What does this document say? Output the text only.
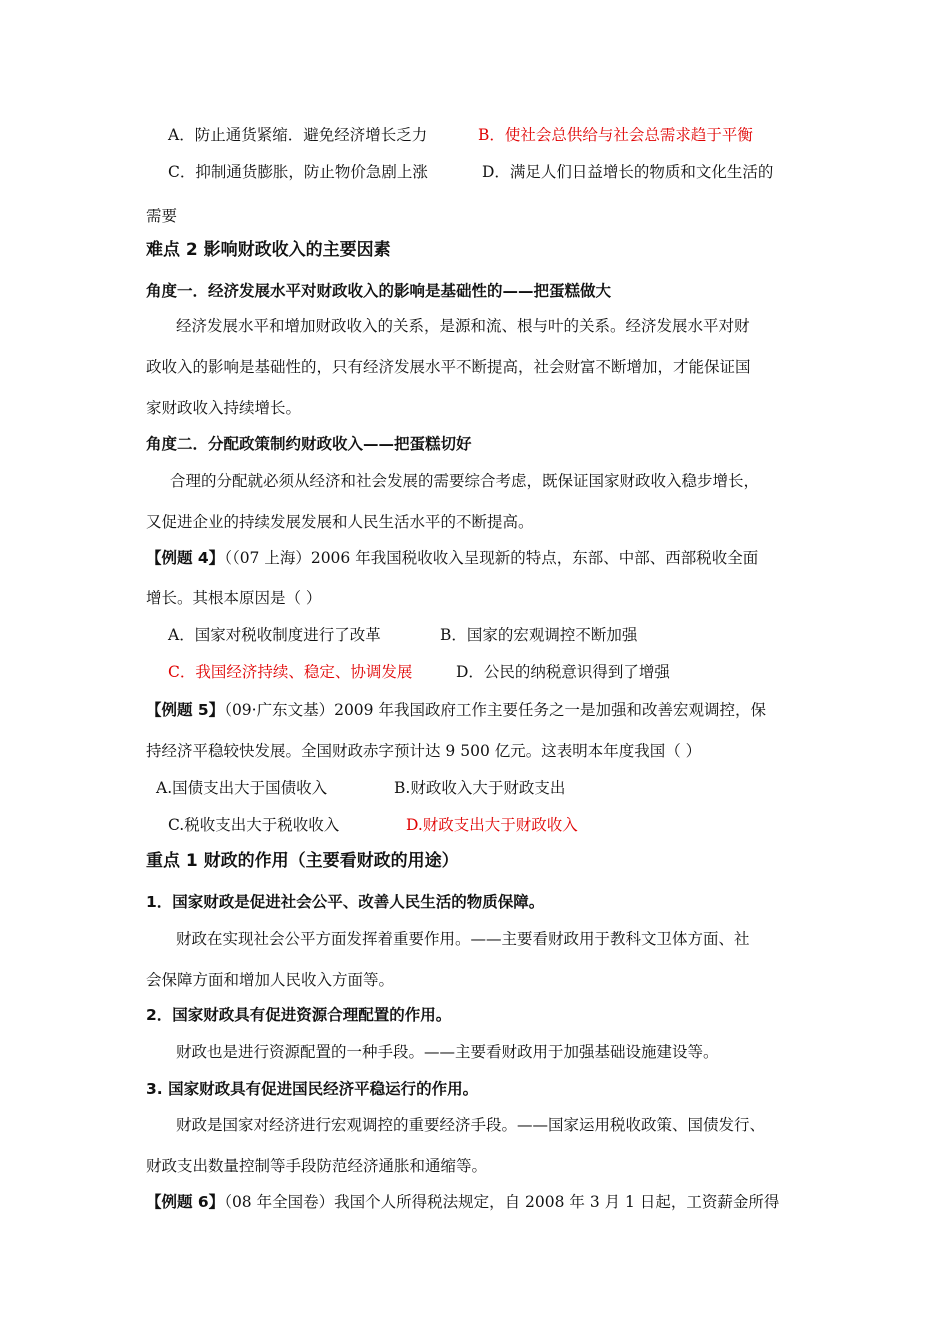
A．防止通货紧缩．避免经济增长乏力	B．使社会总供给与社会总需求趋于平衡
C．抑制通货膨胀，防止物价急剧上涨	D．满足人们日益增长的物质和文化生活的
需要
难点 2 影响财政收入的主要因素
角度一．经济发展水平对财政收入的影响是基础性的——把蛋糕做大
经济发展水平和增加财政收入的关系，是源和流、根与叶的关系。经济发展水平对财
政收入的影响是基础性的，只有经济发展水平不断提高，社会财富不断增加，才能保证国
家财政收入持续增长。
角度二．分配政策制约财政收入——把蛋糕切好
合理的分配就必须从经济和社会发展的需要综合考虑，既保证国家财政收入稳步增长，
又促进企业的持续发展发展和人民生活水平的不断提高。
【例题 4】（（07 上海）2006 年我国税收收入呈现新的特点，东部、中部、西部税收全面
增长。其根本原因是（ ）
A．国家对税收制度进行了改革	B．国家的宏观调控不断加强
C．我国经济持续、稳定、协调发展	D．公民的纳税意识得到了增强
【例题 5】（09·广东文基）2009 年我国政府工作主要任务之一是加强和改善宏观调控，保
持经济平稳较快发展。全国财政赤字预计达 9 500 亿元。这表明本年度我国（ ）
A.国债支出大于国债收入	B.财政收入大于财政支出
C.税收支出大于税收收入	D.财政支出大于财政收入
重点 1 财政的作用（主要看财政的用途）
1．国家财政是促进社会公平、改善人民生活的物质保障。
财政在实现社会公平方面发挥着重要作用。——主要看财政用于教科文卫体方面、社
会保障方面和增加人民收入方面等。
2．国家财政具有促进资源合理配置的作用。
财政也是进行资源配置的一种手段。——主要看财政用于加强基础设施建设等。
3. 国家财政具有促进国民经济平稳运行的作用。
财政是国家对经济进行宏观调控的重要经济手段。——国家运用税收政策、国债发行、
财政支出数量控制等手段防范经济通胀和通缩等。
【例题 6】（08 年全国卷）我国个人所得税法规定，自 2008 年 3 月 1 日起，工资薪金所得
